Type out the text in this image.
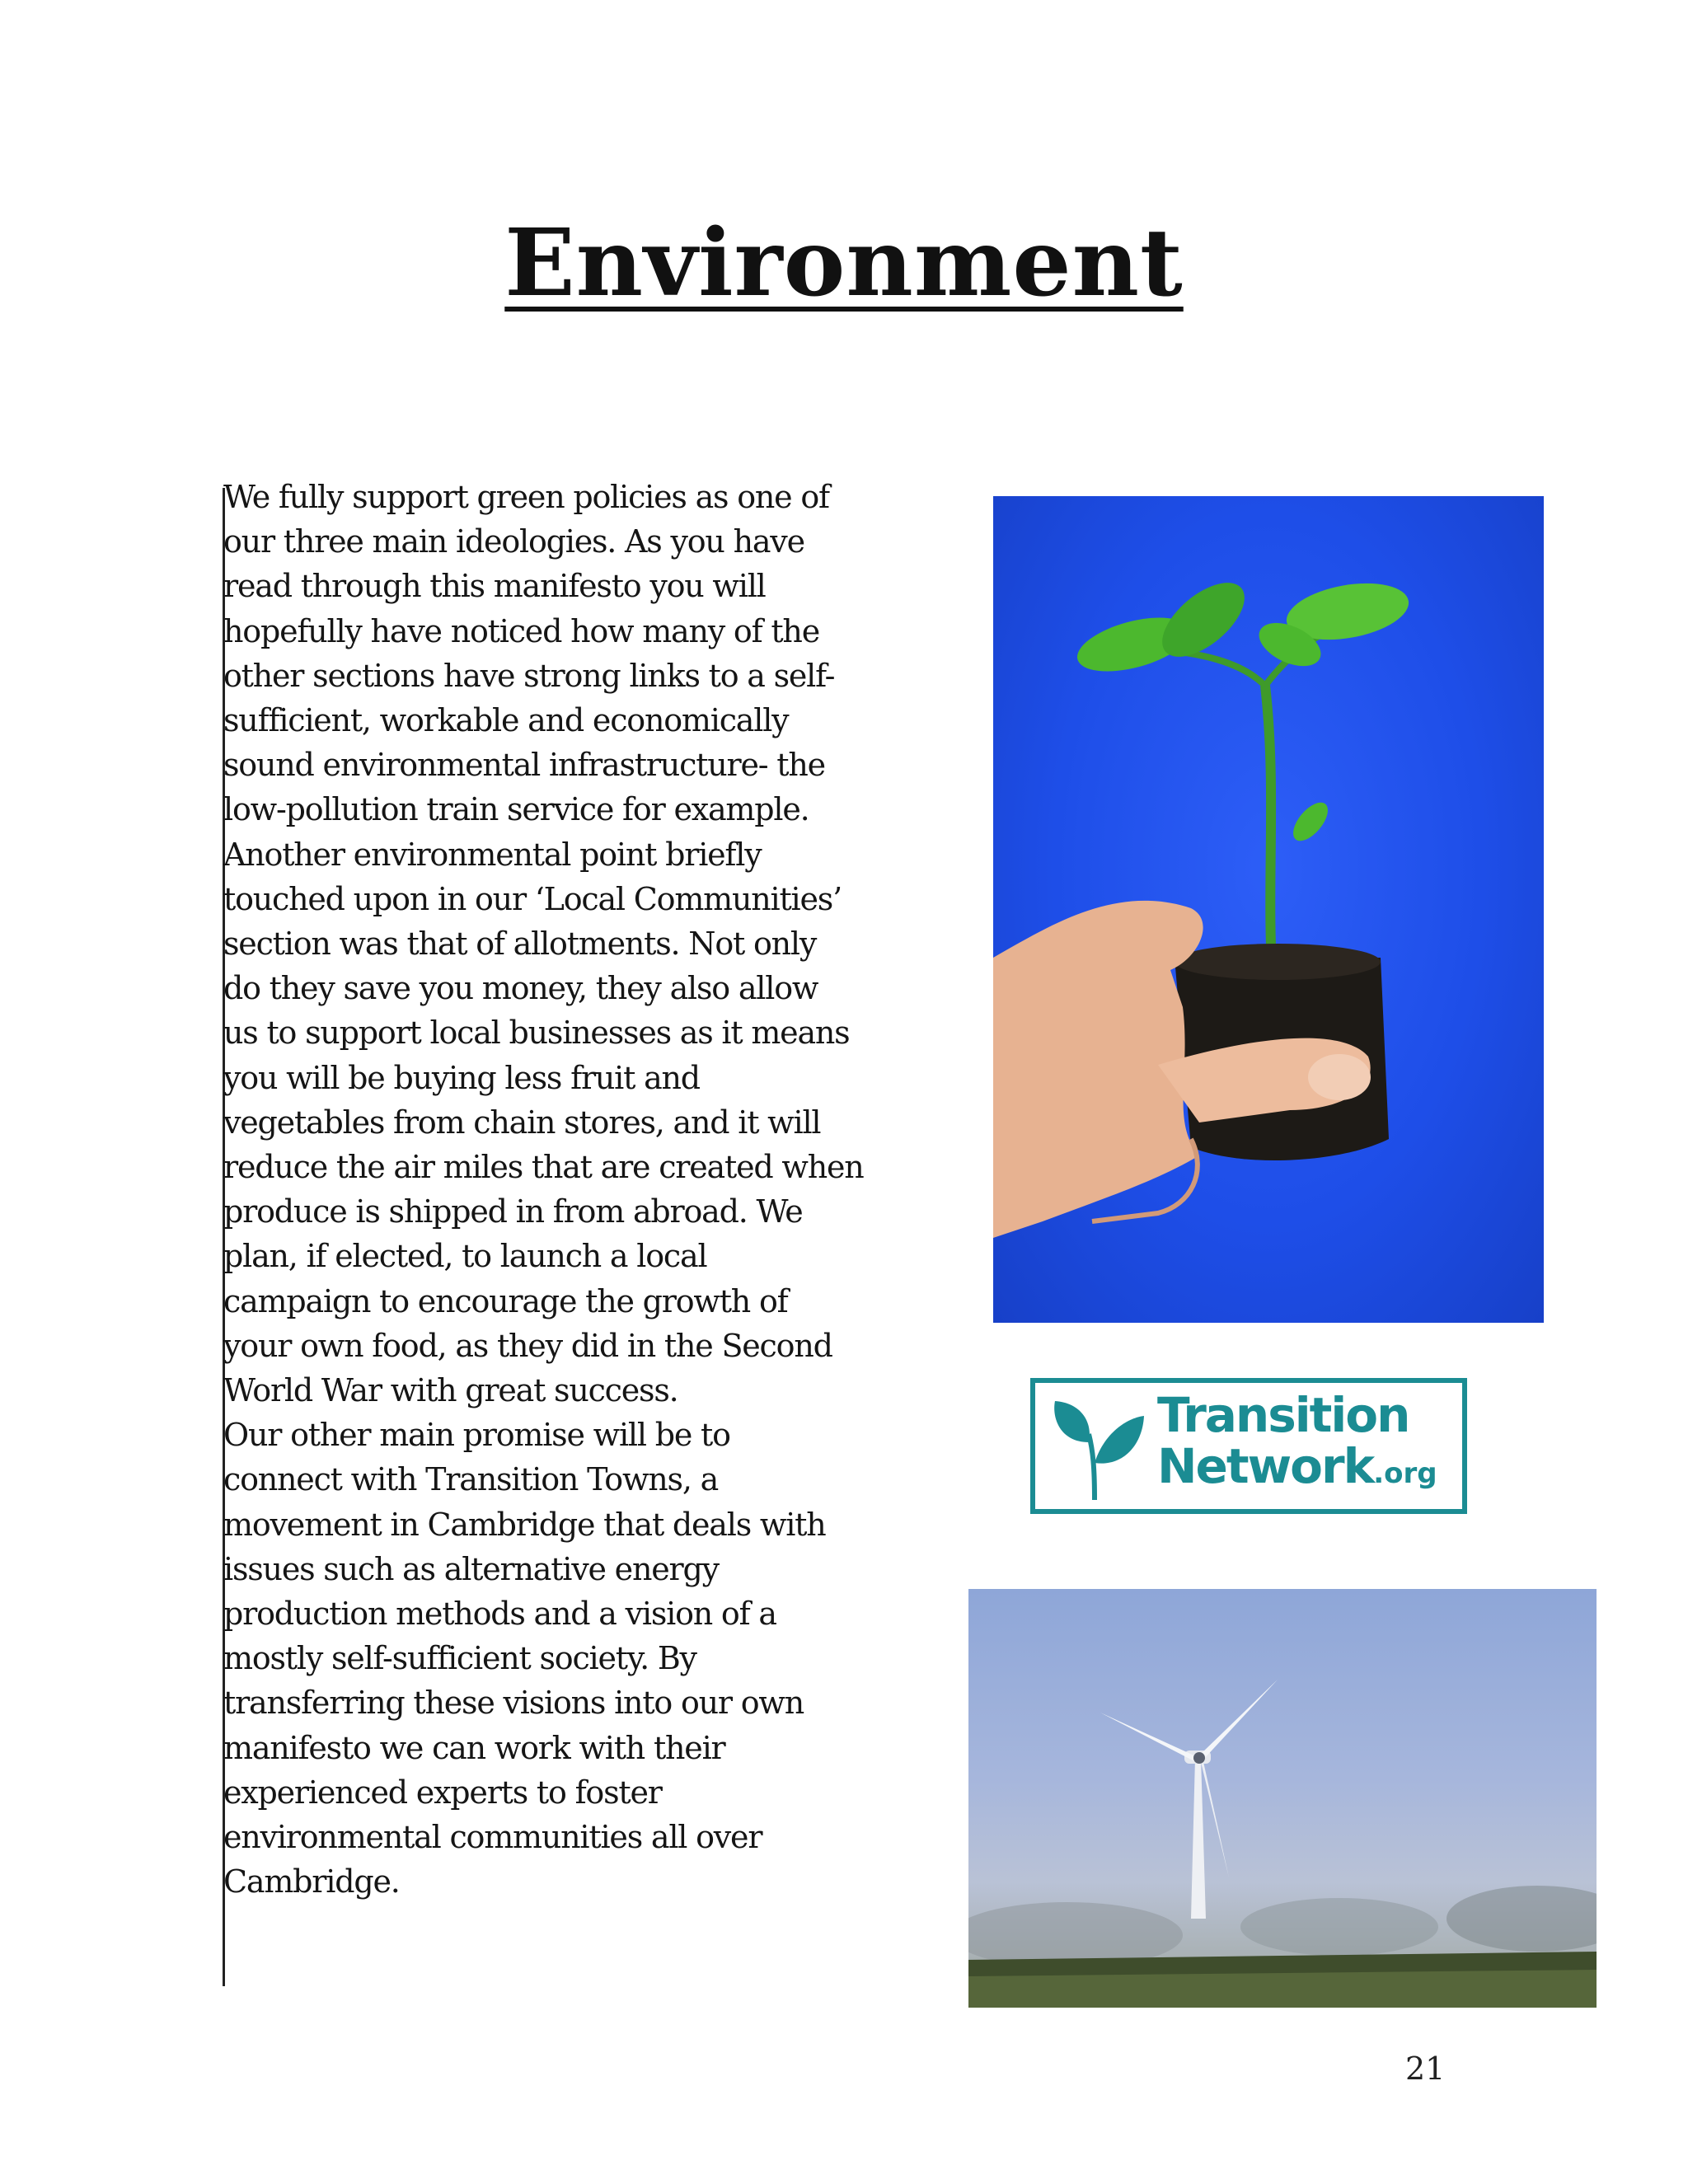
Environment
We fully support green policies as one of
our three main ideologies. As you have
read through this manifesto you will
hopefully have noticed how many of the
other sections have strong links to a self-
sufficient, workable and economically
sound environmental infrastructure- the
low-pollution train service for example.
Another environmental point briefly
touched upon in our ‘Local Communities’
section was that of allotments. Not only
do they save you money, they also allow
us to support local businesses as it means
you will be buying less fruit and
vegetables from chain stores, and it will
reduce the air miles that are created when
produce is shipped in from abroad. We
plan, if elected, to launch a local
campaign to encourage the growth of
your own food, as they did in the Second
World War with great success.
Our other main promise will be to
connect with Transition Towns, a
movement in Cambridge that deals with
issues such as alternative energy
production methods and a vision of a
mostly self-sufficient society. By
transferring these visions into our own
manifesto we can work with their
experienced experts to foster
environmental communities all over
Cambridge.
Transition
Network.org
21
